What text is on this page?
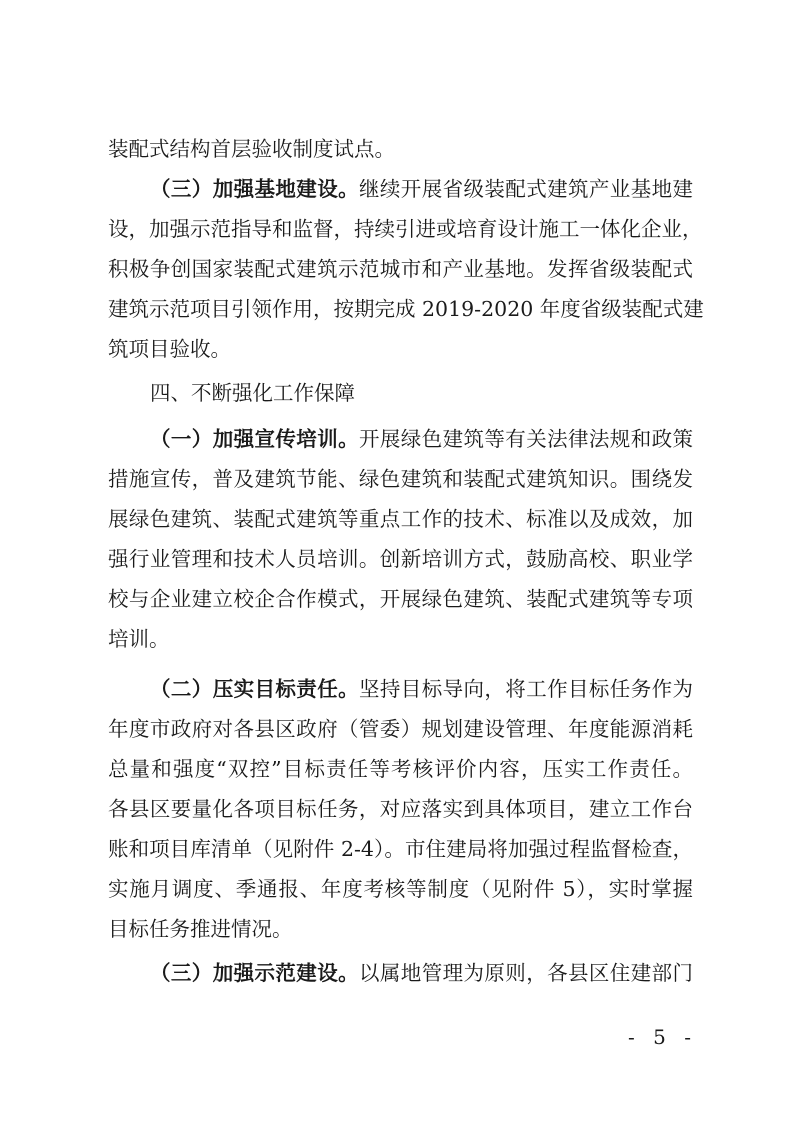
装配式结构首层验收制度试点。
（三）加强基地建设。继续开展省级装配式建筑产业基地建
设，加强示范指导和监督，持续引进或培育设计施工一体化企业，
积极争创国家装配式建筑示范城市和产业基地。发挥省级装配式
建筑示范项目引领作用，按期完成 2019-2020 年度省级装配式建
筑项目验收。
四、不断强化工作保障
（一）加强宣传培训。开展绿色建筑等有关法律法规和政策
措施宣传，普及建筑节能、绿色建筑和装配式建筑知识。围绕发
展绿色建筑、装配式建筑等重点工作的技术、标准以及成效，加
强行业管理和技术人员培训。创新培训方式，鼓励高校、职业学
校与企业建立校企合作模式，开展绿色建筑、装配式建筑等专项
培训。
（二）压实目标责任。坚持目标导向，将工作目标任务作为
年度市政府对各县区政府（管委）规划建设管理、年度能源消耗
总量和强度“双控”目标责任等考核评价内容，压实工作责任。
各县区要量化各项目标任务，对应落实到具体项目，建立工作台
账和项目库清单（见附件 2-4）。市住建局将加强过程监督检查，
实施月调度、季通报、年度考核等制度（见附件 5），实时掌握
目标任务推进情况。
（三）加强示范建设。以属地管理为原则，各县区住建部门
- 5 -
